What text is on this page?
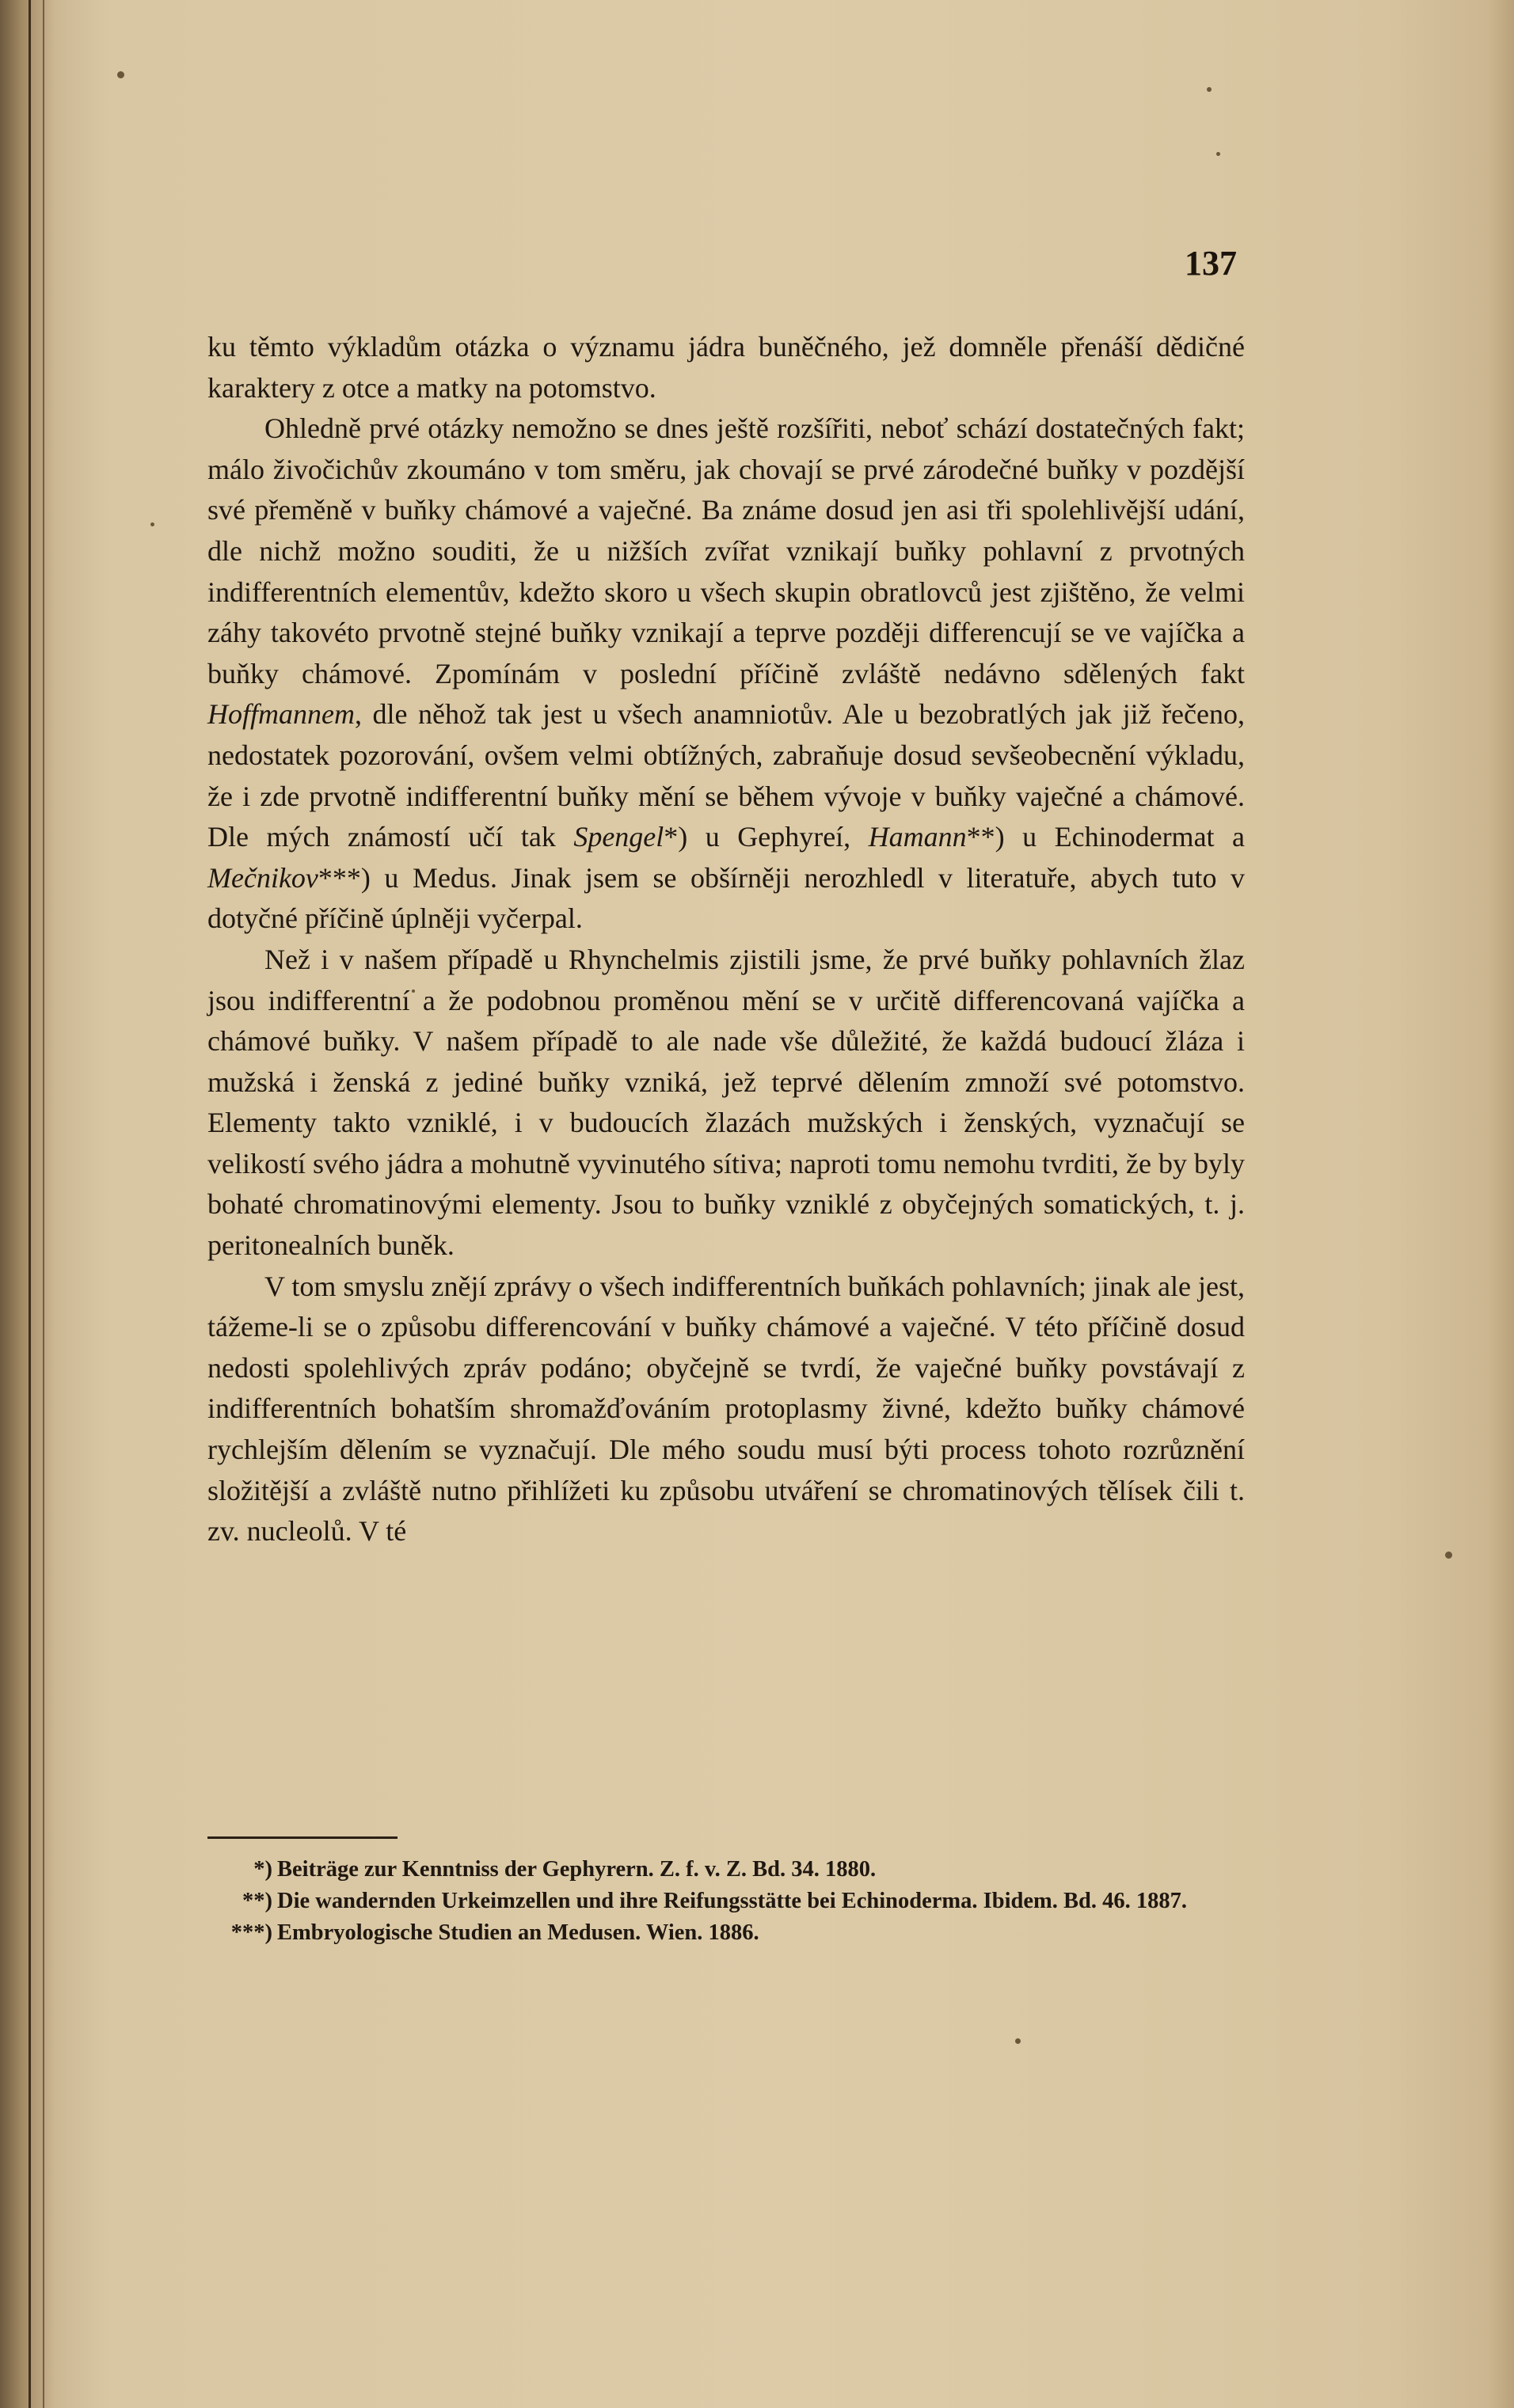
137

ku těmto výkladům otázka o významu jádra buněčného, jež domněle přenáší dědičné karaktery z otce a matky na potomstvo.

Ohledně prvé otázky nemožno se dnes ještě rozšířiti, neboť schází dostatečných fakt; málo živočichův zkoumáno v tom směru, jak chovají se prvé zárodečné buňky v pozdější své přeměně v buňky chámové a vaječné. Ba známe dosud jen asi tři spolehlivější udání, dle nichž možno souditi, že u nižších zvířat vznikají buňky pohlavní z prvotných indifferentních elementův, kdežto skoro u všech skupin obratlovců jest zjištěno, že velmi záhy takovéto prvotně stejné buňky vznikají a teprve později differencují se ve vajíčka a buňky chámové. Zpomínám v poslední příčině zvláště nedávno sdělených fakt Hoffmannem, dle něhož tak jest u všech anamniotův. Ale u bezobratlých jak již řečeno, nedostatek pozorování, ovšem velmi obtížných, zabraňuje dosud sevšeobecnění výkladu, že i zde prvotně indifferentní buňky mění se během vývoje v buňky vaječné a chámové. Dle mých známostí učí tak Spengel*) u Gephyreí, Hamann**) u Echinodermat a Mečnikov***) u Medus. Jinak jsem se obšírněji nerozhledl v literatuře, abych tuto v dotyčné příčině úplněji vyčerpal.

Než i v našem případě u Rhynchelmis zjistili jsme, že prvé buňky pohlavních žlaz jsou indifferentní a že podobnou proměnou mění se v určitě differencovaná vajíčka a chámové buňky. V našem případě to ale nade vše důležité, že každá budoucí žláza i mužská i ženská z jediné buňky vzniká, jež teprvé dělením zmnoží své potomstvo. Elementy takto vzniklé, i v budoucích žlazách mužských i ženských, vyznačují se velikostí svého jádra a mohutně vyvinutého sítiva; naproti tomu nemohu tvrditi, že by byly bohaté chromatinovými elementy. Jsou to buňky vzniklé z obyčejných somatických, t. j. peritonealních buněk.

V tom smyslu znějí zprávy o všech indifferentních buňkách pohlavních; jinak ale jest, tážeme-li se o způsobu differencování v buňky chámové a vaječné. V této příčině dosud nedosti spolehlivých zpráv podáno; obyčejně se tvrdí, že vaječné buňky povstávají z indifferentních bohatším shromažďováním protoplasmy živné, kdežto buňky chámové rychlejším dělením se vyznačují. Dle mého soudu musí býti process tohoto rozrůznění složitější a zvláště nutno přihlížeti ku způsobu utváření se chromatinových tělísek čili t. zv. nucleolů. V té

*) Beiträge zur Kenntniss der Gephyrern. Z. f. v. Z. Bd. 34. 1880.

**) Die wandernden Urkeimzellen und ihre Reifungsstätte bei Echinoderma. Ibidem. Bd. 46. 1887.

***) Embryologische Studien an Medusen. Wien. 1886.
